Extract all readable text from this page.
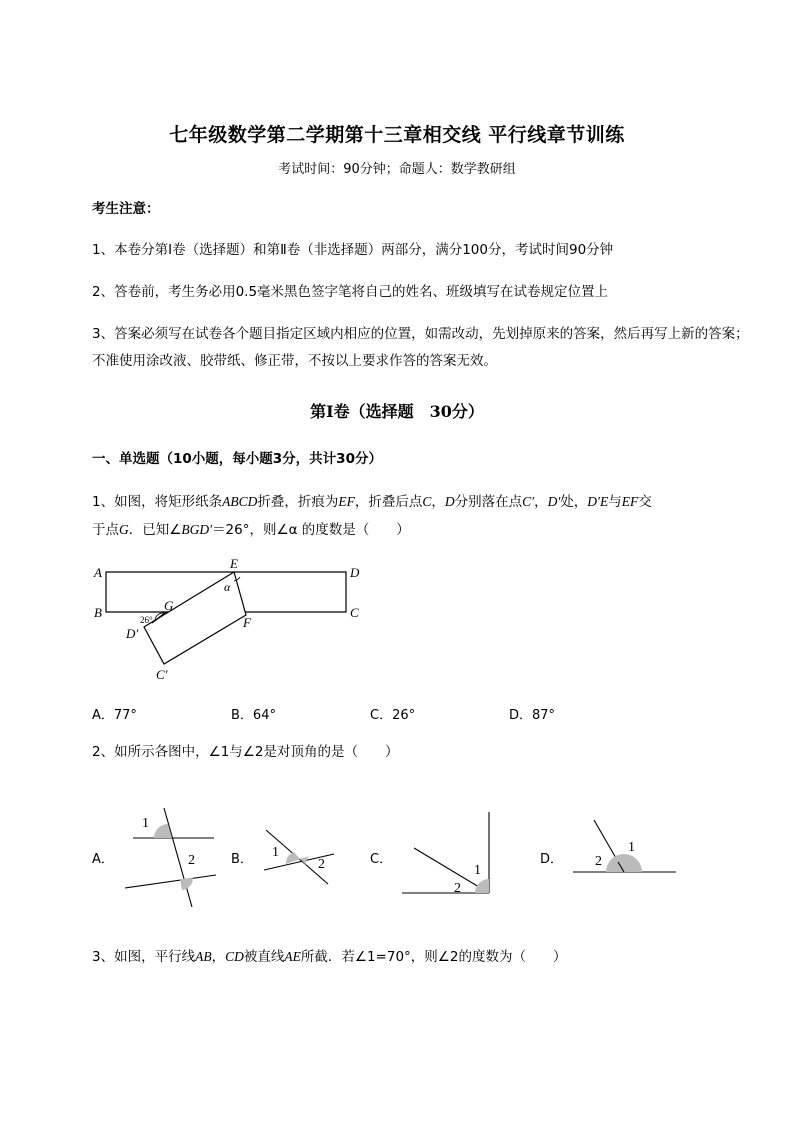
七年级数学第二学期第十三章相交线 平行线章节训练
考试时间：90分钟；命题人：数学教研组
考生注意：
1、本卷分第Ⅰ卷（选择题）和第Ⅱ卷（非选择题）两部分，满分100分，考试时间90分钟
2、答卷前，考生务必用0.5毫米黑色签字笔将自己的姓名、班级填写在试卷规定位置上
3、答案必须写在试卷各个题目指定区域内相应的位置，如需改动，先划掉原来的答案，然后再写上新的答案；不准使用涂改液、胶带纸、修正带，不按以上要求作答的答案无效。
第Ⅰ卷（选择题　30分）
一、单选题（10小题，每小题3分，共计30分）
1、如图，将矩形纸条ABCD折叠，折痕为EF，折叠后点C，D分别落在点C′，D′处，D′E与EF交
于点G．已知∠BGD′＝26°，则∠α 的度数是（　　）
A
B	C
D
E
F
G
α
26°
D′
C′
A．77°	B．64°	C．26°	D．87°
2、如所示各图中，∠1与∠2是对顶角的是（　　）
A．
1
2	B． 1
2	C．
1
2
D．
1
2
3、如图，平行线AB，CD被直线AE所截．若∠1=70°，则∠2的度数为（　　）
